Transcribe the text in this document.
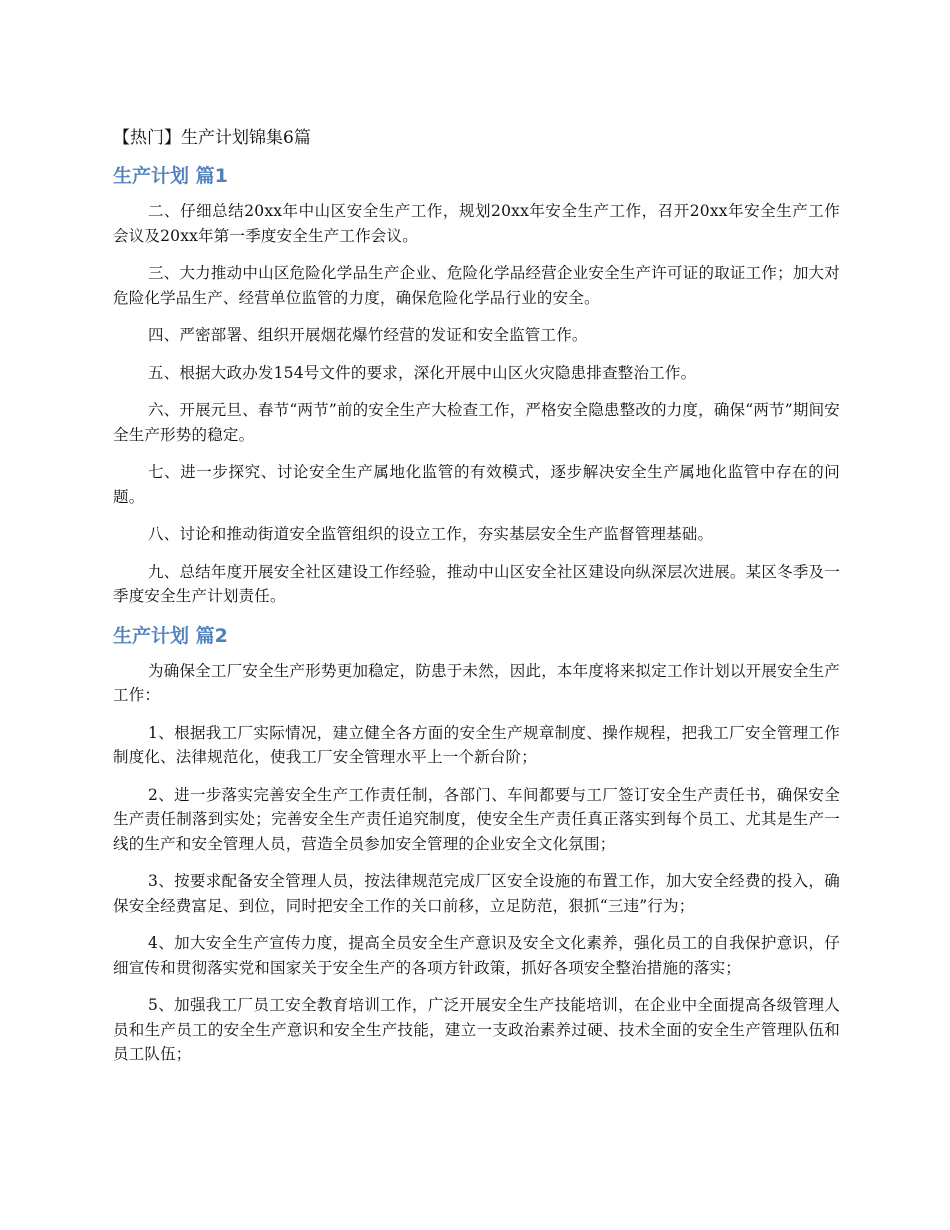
【热门】生产计划锦集6篇
生产计划 篇1

二、仔细总结20xx年中山区安全生产工作，规划20xx年安全生产工作，召开20xx年安全生产工作会议及20xx年第一季度安全生产工作会议。

三、大力推动中山区危险化学品生产企业、危险化学品经营企业安全生产许可证的取证工作；加大对危险化学品生产、经营单位监管的力度，确保危险化学品行业的安全。

四、严密部署、组织开展烟花爆竹经营的发证和安全监管工作。

五、根据大政办发154号文件的要求，深化开展中山区火灾隐患排查整治工作。

六、开展元旦、春节“两节”前的安全生产大检查工作，严格安全隐患整改的力度，确保“两节”期间安全生产形势的稳定。

七、进一步探究、讨论安全生产属地化监管的有效模式，逐步解决安全生产属地化监管中存在的问题。

八、讨论和推动街道安全监管组织的设立工作，夯实基层安全生产监督管理基础。

九、总结年度开展安全社区建设工作经验，推动中山区安全社区建设向纵深层次进展。某区冬季及一季度安全生产计划责任。

生产计划 篇2

为确保全工厂安全生产形势更加稳定，防患于未然，因此，本年度将来拟定工作计划以开展安全生产工作：

1、根据我工厂实际情况，建立健全各方面的安全生产规章制度、操作规程，把我工厂安全管理工作制度化、法律规范化，使我工厂安全管理水平上一个新台阶；

2、进一步落实完善安全生产工作责任制，各部门、车间都要与工厂签订安全生产责任书，确保安全生产责任制落到实处；完善安全生产责任追究制度，使安全生产责任真正落实到每个员工、尤其是生产一线的生产和安全管理人员，营造全员参加安全管理的企业安全文化氛围；

3、按要求配备安全管理人员，按法律规范完成厂区安全设施的布置工作，加大安全经费的投入，确保安全经费富足、到位，同时把安全工作的关口前移，立足防范，狠抓“三违”行为；

4、加大安全生产宣传力度，提高全员安全生产意识及安全文化素养，强化员工的自我保护意识，仔细宣传和贯彻落实党和国家关于安全生产的各项方针政策，抓好各项安全整治措施的落实；

5、加强我工厂员工安全教育培训工作，广泛开展安全生产技能培训，在企业中全面提高各级管理人员和生产员工的安全生产意识和安全生产技能，建立一支政治素养过硬、技术全面的安全生产管理队伍和员工队伍；
